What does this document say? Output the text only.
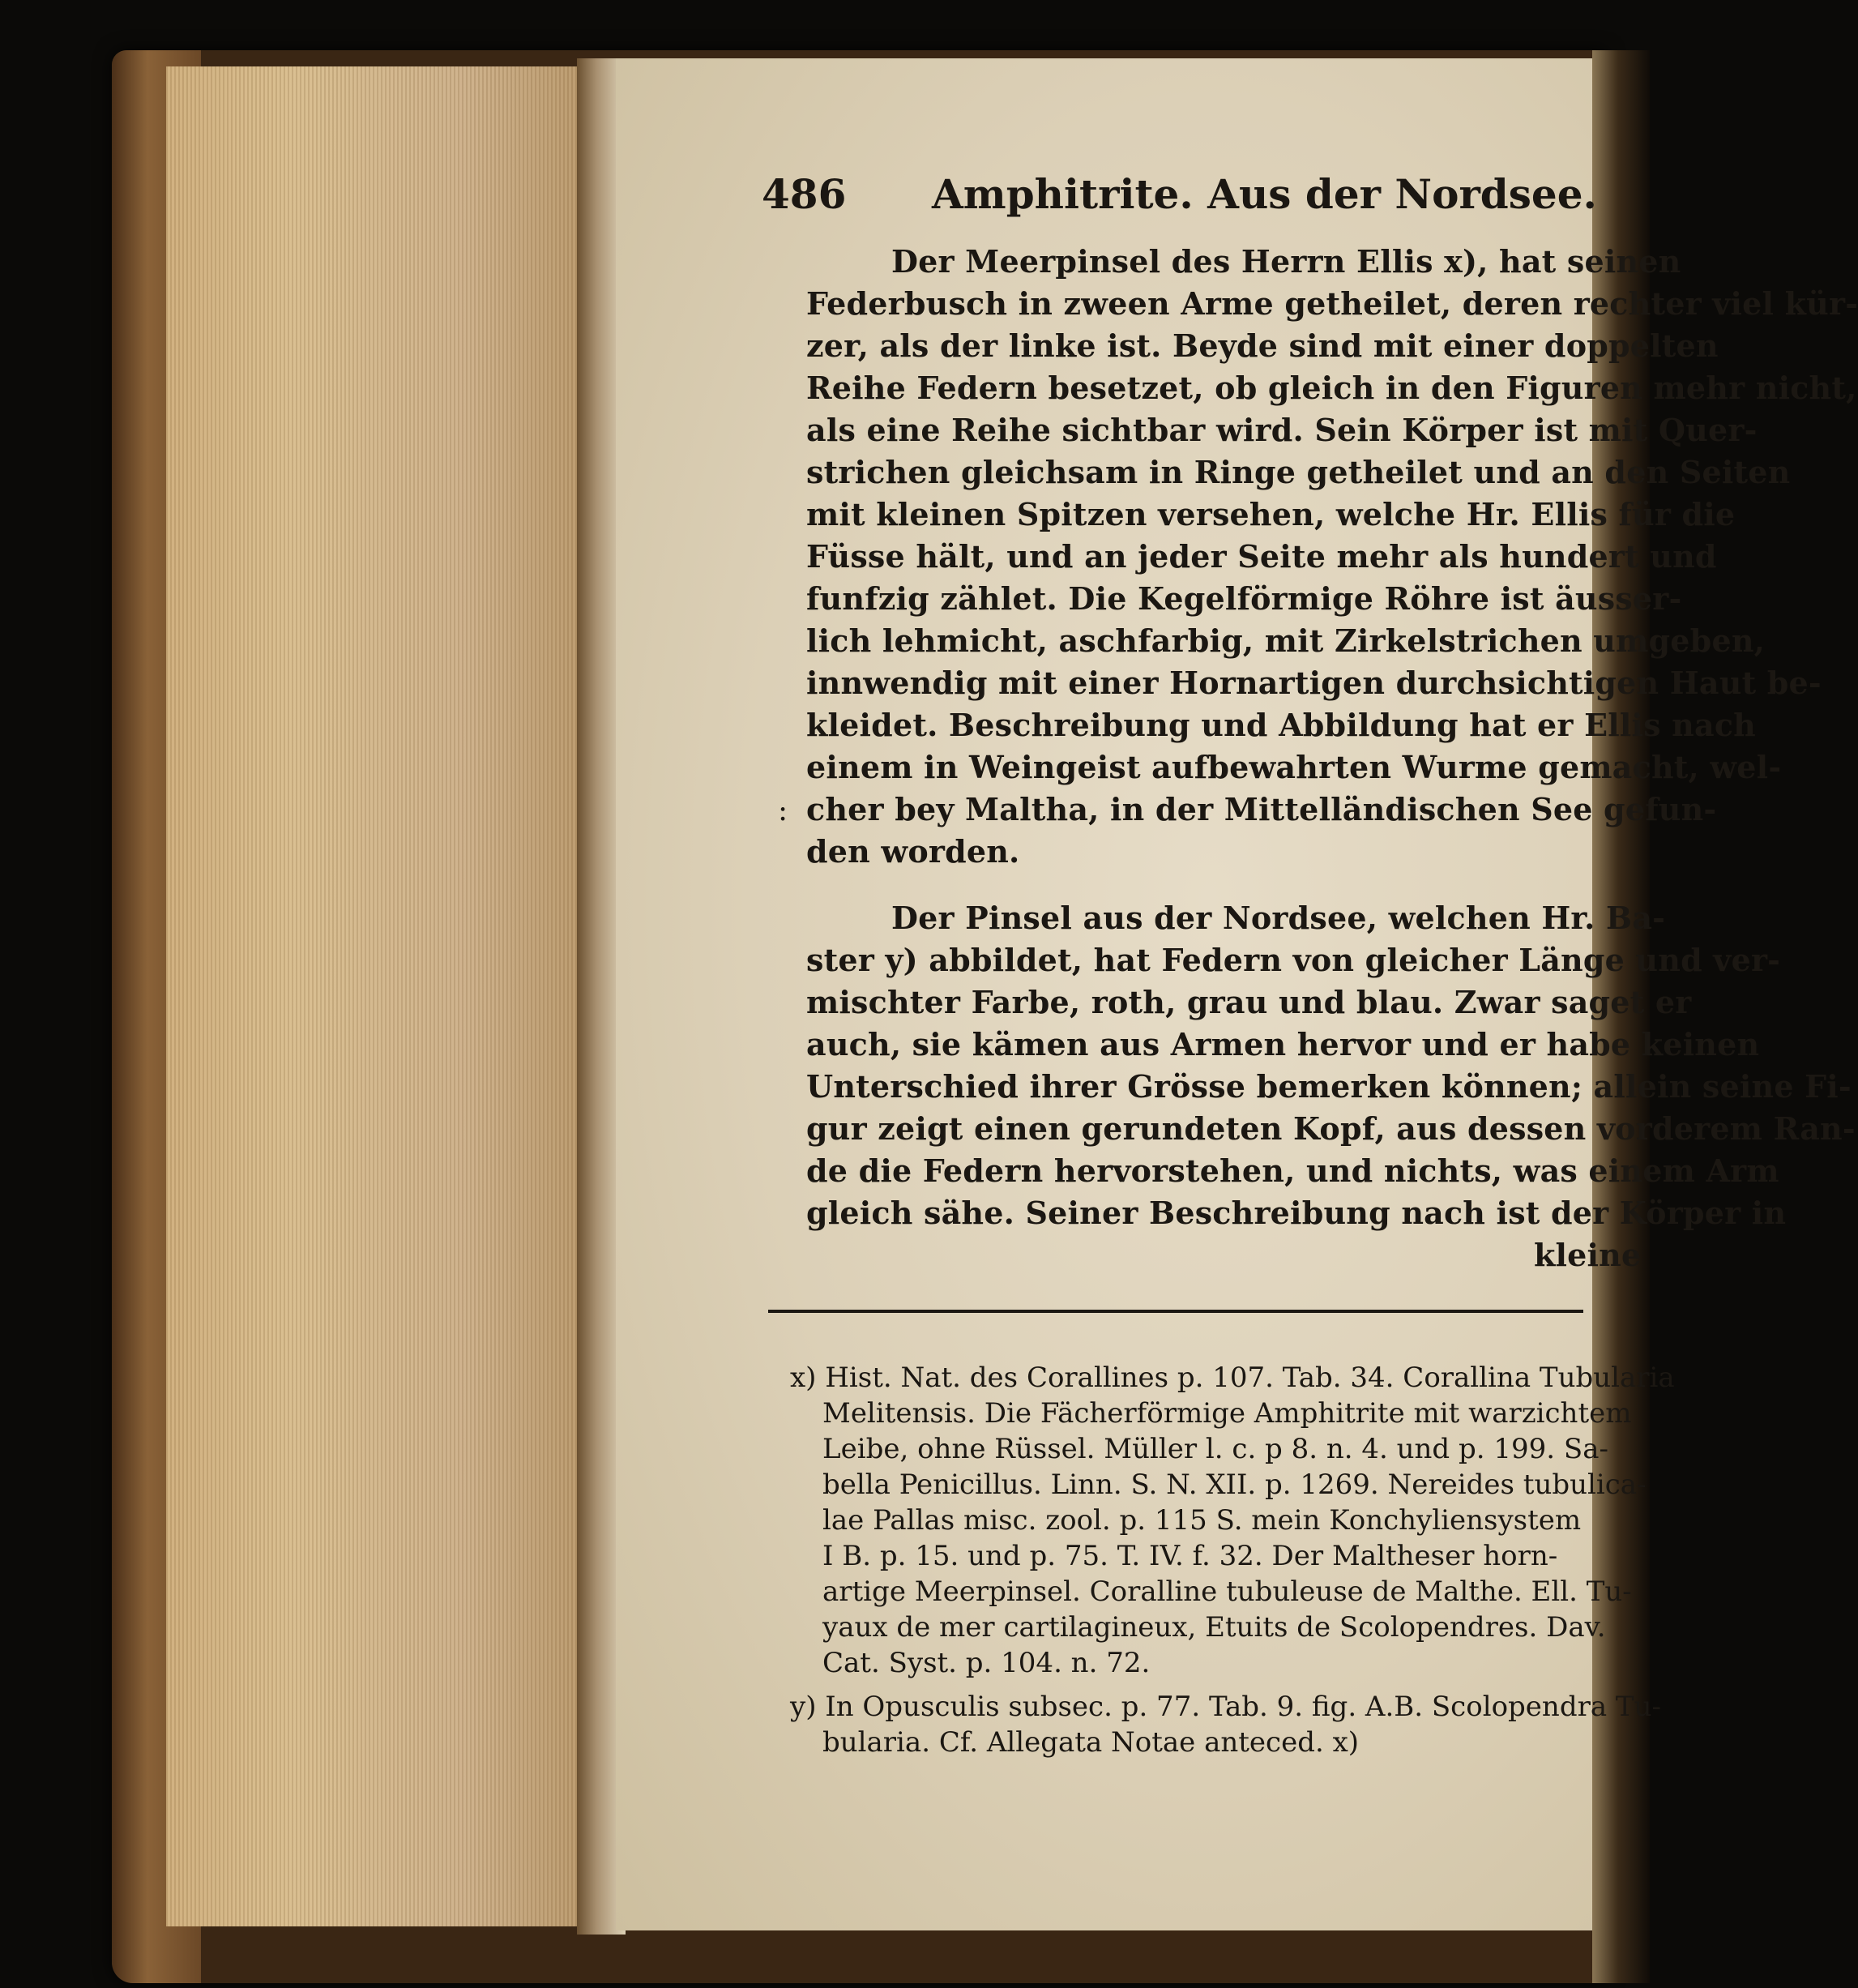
486 Amphitrite. Aus der Nordsee.
Der Meerpinsel des Herrn Ellis x), hat seinen
Federbusch in zween Arme getheilet, deren rechter viel kür-
zer, als der linke ist. Beyde sind mit einer doppelten
Reihe Federn besetzet, ob gleich in den Figuren mehr nicht,
als eine Reihe sichtbar wird. Sein Körper ist mit Quer-
strichen gleichsam in Ringe getheilet und an den Seiten
mit kleinen Spitzen versehen, welche Hr. Ellis für die
Füsse hält, und an jeder Seite mehr als hundert und
funfzig zählet. Die Kegelförmige Röhre ist äusser-
lich lehmicht, aschfarbig, mit Zirkelstrichen umgeben,
innwendig mit einer Hornartigen durchsichtigen Haut be-
kleidet. Beschreibung und Abbildung hat er Ellis nach
einem in Weingeist aufbewahrten Wurme gemacht, wel-
cher bey Maltha, in der Mittelländischen See gefun-
den worden.
:
Der Pinsel aus der Nordsee, welchen Hr. Ba-
ster y) abbildet, hat Federn von gleicher Länge und ver-
mischter Farbe, roth, grau und blau. Zwar saget er
auch, sie kämen aus Armen hervor und er habe keinen
Unterschied ihrer Grösse bemerken können; allein seine Fi-
gur zeigt einen gerundeten Kopf, aus dessen vorderem Ran-
de die Federn hervorstehen, und nichts, was einem Arm
gleich sähe. Seiner Beschreibung nach ist der Körper in
kleine
x) Hist. Nat. des Corallines p. 107. Tab. 34. Corallina Tubularia
Melitensis. Die Fächerförmige Amphitrite mit warzichtem
Leibe, ohne Rüssel. Müller l. c. p 8. n. 4. und p. 199. Sa-
bella Penicillus. Linn. S. N. XII. p. 1269. Nereides tubulica-
lae Pallas misc. zool. p. 115 S. mein Konchyliensystem
I B. p. 15. und p. 75. T. IV. f. 32. Der Maltheser horn-
artige Meerpinsel. Coralline tubuleuse de Malthe. Ell. Tu-
yaux de mer cartilagineux, Etuits de Scolopendres. Dav.
Cat. Syst. p. 104. n. 72.
y) In Opusculis subsec. p. 77. Tab. 9. fig. A.B. Scolopendra Tu-
bularia. Cf. Allegata Notae anteced. x)
